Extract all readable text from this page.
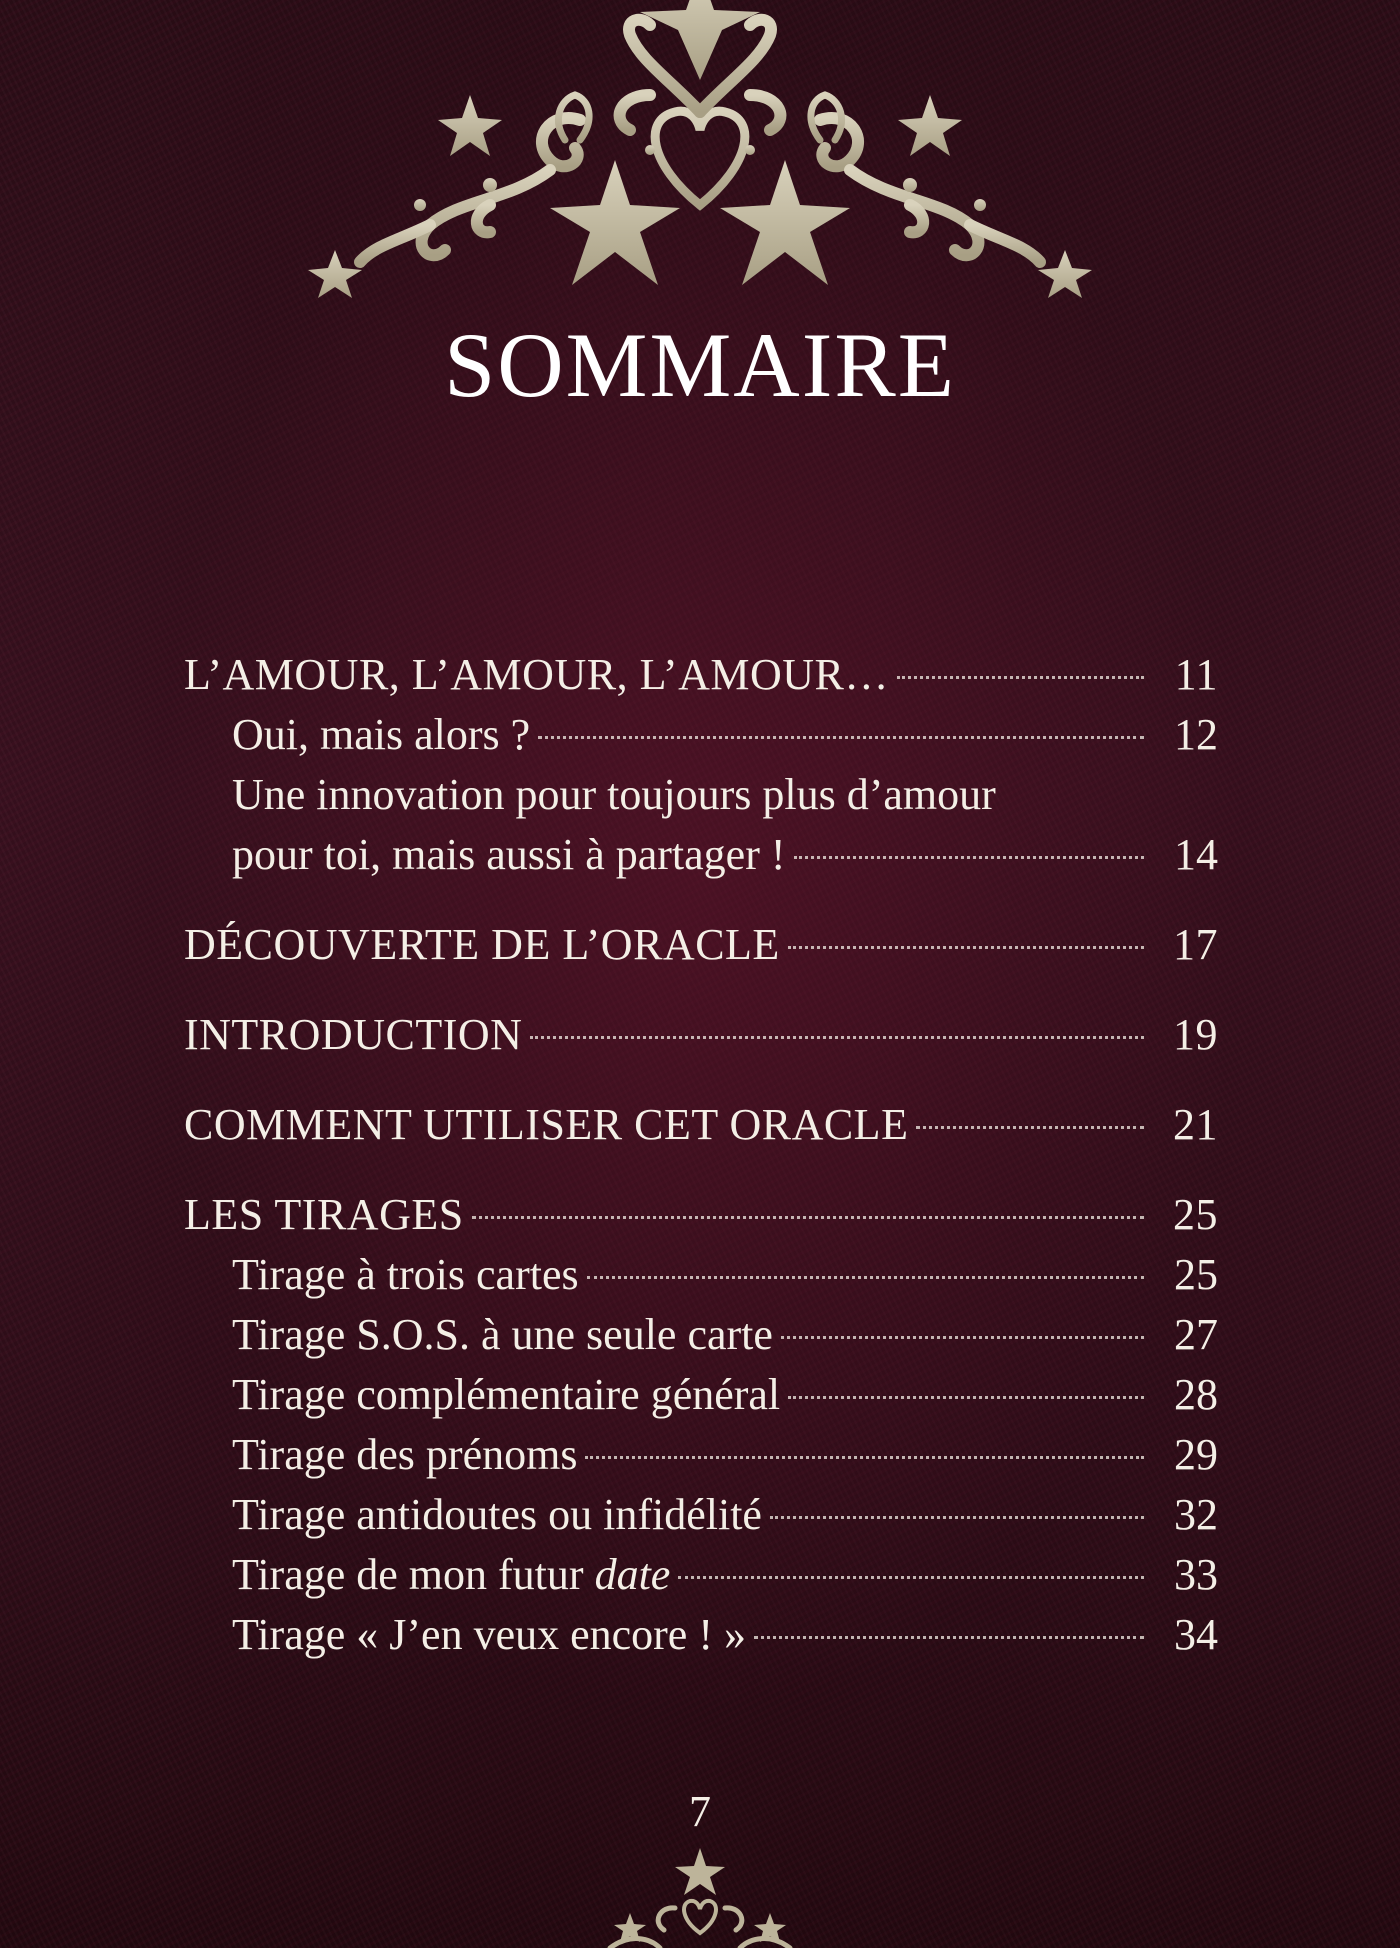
SOMMAIRE
L’AMOUR, L’AMOUR, L’AMOUR…	11
Oui, mais alors ?	12
Une innovation pour toujours plus d’amour
pour toi, mais aussi à partager !	14
DÉCOUVERTE DE L’ORACLE	17
INTRODUCTION	19
COMMENT UTILISER CET ORACLE	21
LES TIRAGES	25
Tirage à trois cartes	25
Tirage S.O.S. à une seule carte	27
Tirage complémentaire général	28
Tirage des prénoms	29
Tirage antidoutes ou infidélité	32
Tirage de mon futur date	33
Tirage « J’en veux encore ! »	34
7
